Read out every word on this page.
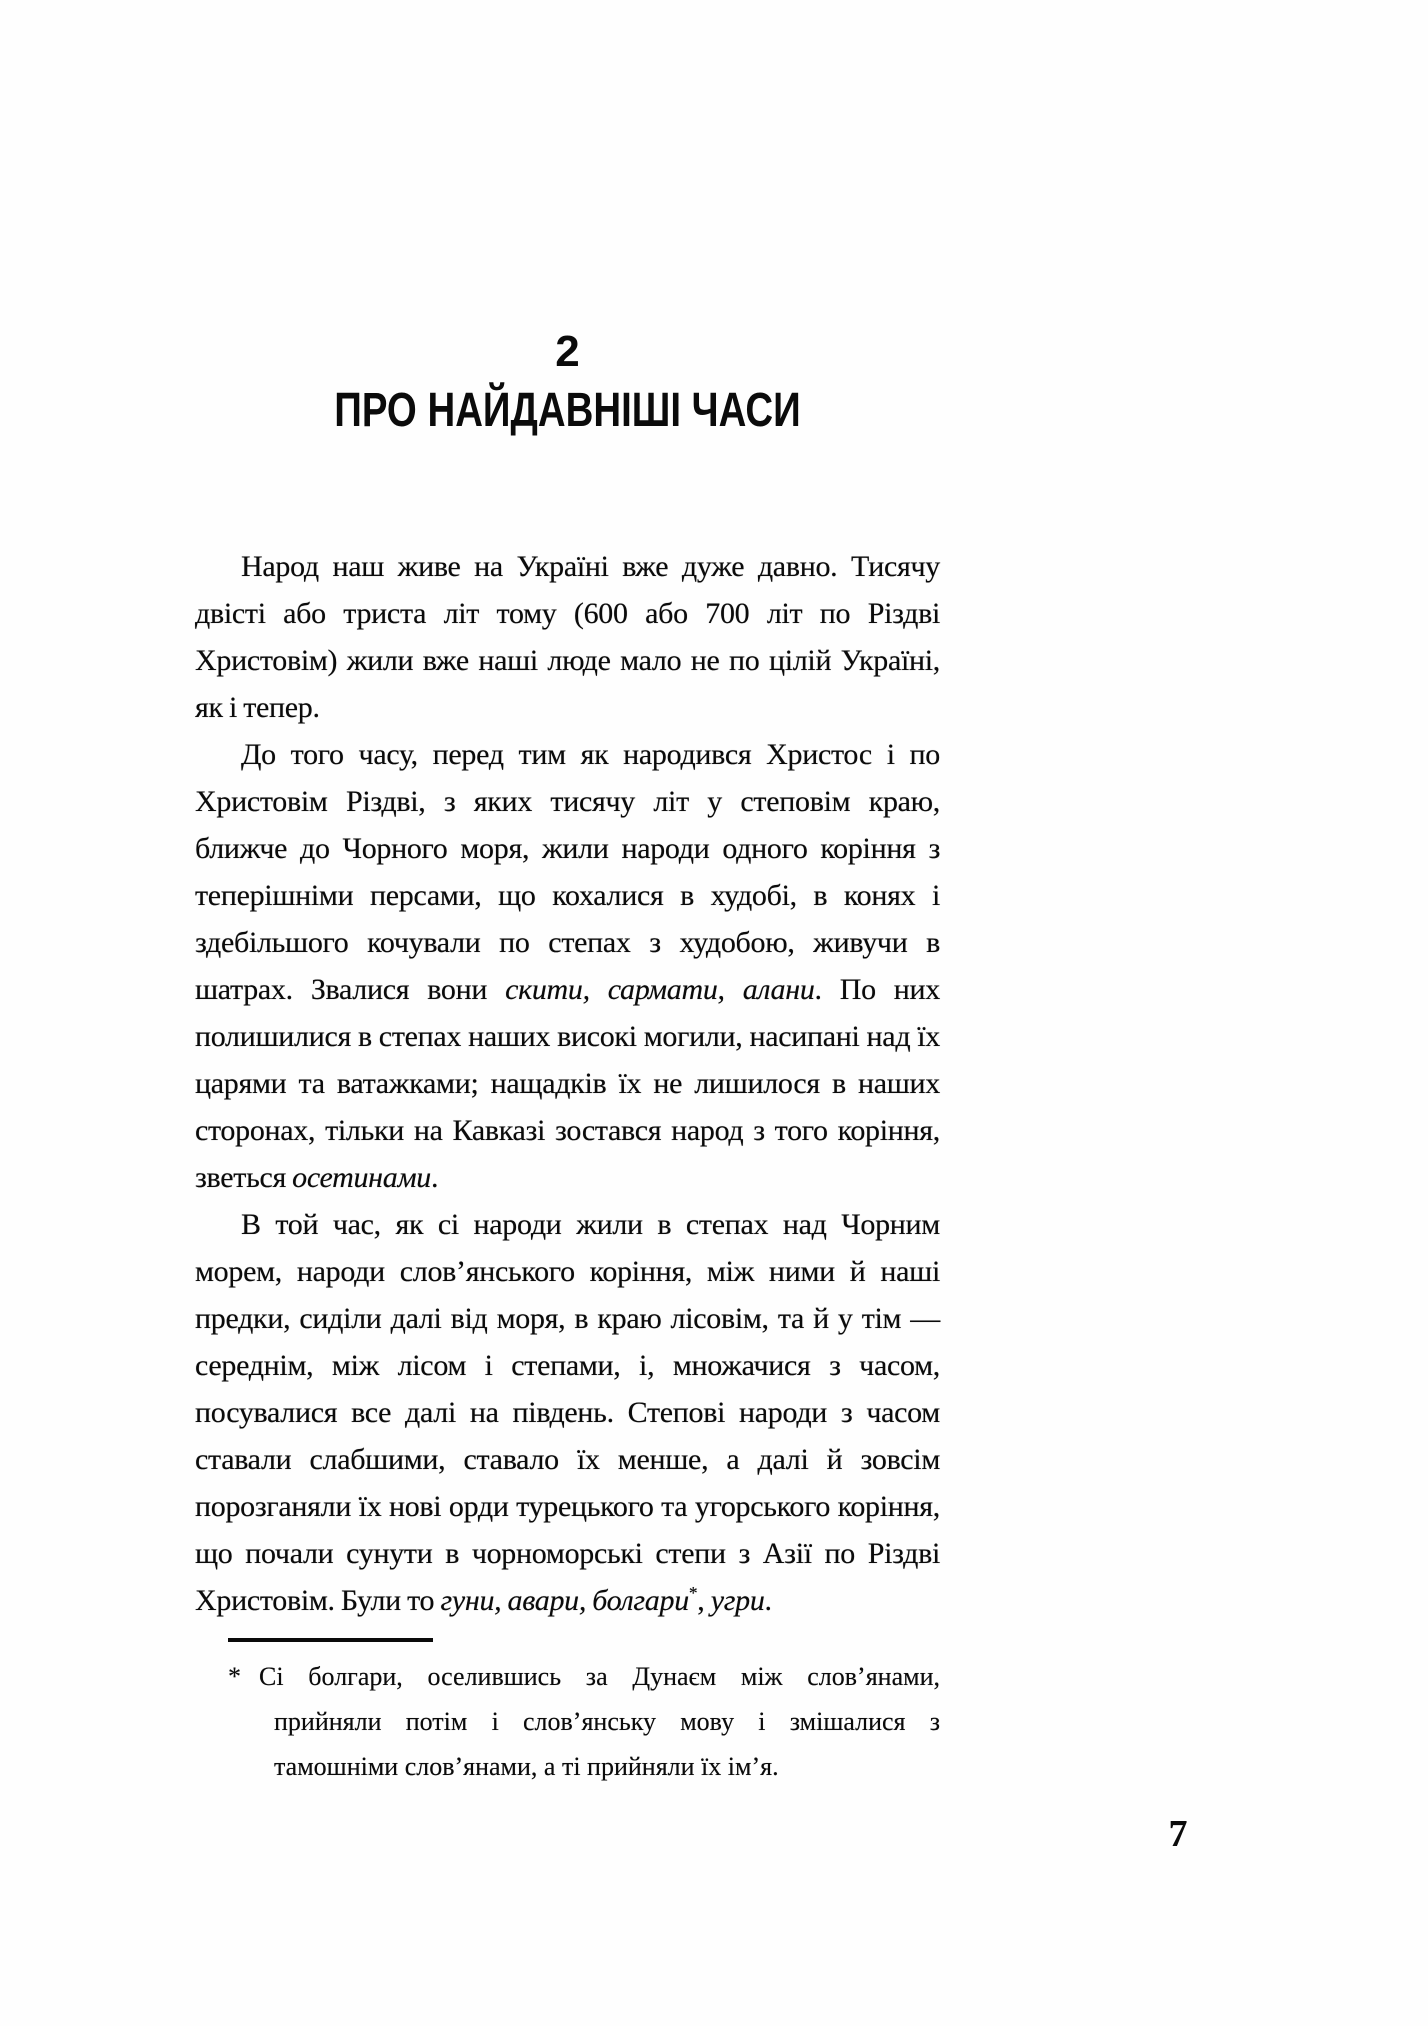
2
ПРО НАЙДАВНІШІ ЧАСИ

Народ наш живе на Україні вже дуже давно. Тисячу двісті або триста літ тому (600 або 700 літ по Різдві Христовім) жили вже наші люде мало не по цілій Україні, як і тепер.

До того часу, перед тим як народився Христос і по Христовім Різдві, з яких тисячу літ у степовім краю, ближче до Чорного моря, жили народи одного коріння з теперішніми персами, що кохалися в худобі, в конях і здебільшого кочували по степах з худобою, живучи в шатрах. Звалися вони скити, сармати, алани. По них полишилися в степах наших високі могили, насипані над їх царями та ватажками; нащадків їх не лишилося в наших сторонах, тільки на Кавказі зостався народ з того коріння, зветься осетинами.

В той час, як сі народи жили в степах над Чорним морем, народи слов’янського коріння, між ними й наші предки, сиділи далі від моря, в краю лісовім, та й у тім — середнім, між лісом і степами, і, множачися з часом, посувалися все далі на південь. Степові народи з часом ставали слабшими, ставало їх менше, а далі й зовсім порозганяли їх нові орди турецького та угорського коріння, що почали сунути в чорноморські степи з Азії по Різдві Христовім. Були то гуни, авари, болгари*, угри.

* Сі болгари, оселившись за Дунаєм між слов’янами, прийняли потім і слов’янську мову і змішалися з тамошніми слов’янами, а ті прийняли їх ім’я.

7
